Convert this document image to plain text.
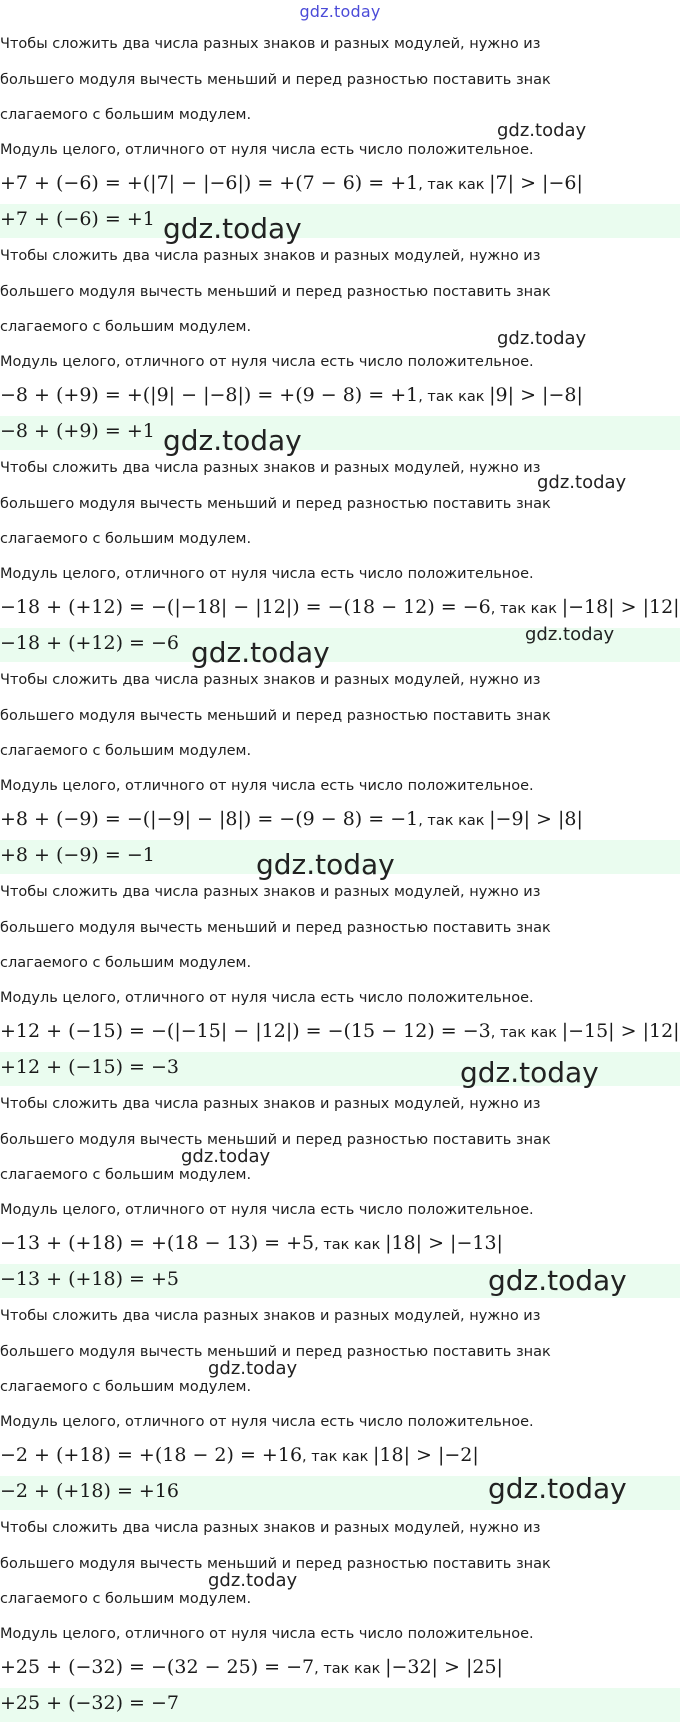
gdz.today
Чтобы сложить два числа разных знаков и разных модулей, нужно из
большего модуля вычесть меньший и перед разностью поставить знак
слагаемого с большим модулем.
Модуль целого, отличного от нуля числа есть число положительное.
+7 + (−6) = +(|7| − |−6|) = +(7 − 6) = +1, так как |7| > |−6|
+7 + (−6) = +1
gdz.today
gdz.today
Чтобы сложить два числа разных знаков и разных модулей, нужно из
большего модуля вычесть меньший и перед разностью поставить знак
слагаемого с большим модулем.
Модуль целого, отличного от нуля числа есть число положительное.
−8 + (+9) = +(|9| − |−8|) = +(9 − 8) = +1, так как |9| > |−8|
−8 + (+9) = +1
gdz.today
gdz.today
Чтобы сложить два числа разных знаков и разных модулей, нужно из
большего модуля вычесть меньший и перед разностью поставить знак
слагаемого с большим модулем.
Модуль целого, отличного от нуля числа есть число положительное.
−18 + (+12) = −(|−18| − |12|) = −(18 − 12) = −6, так как |−18| > |12|
−18 + (+12) = −6
gdz.today
gdz.today
gdz.today
Чтобы сложить два числа разных знаков и разных модулей, нужно из
большего модуля вычесть меньший и перед разностью поставить знак
слагаемого с большим модулем.
Модуль целого, отличного от нуля числа есть число положительное.
+8 + (−9) = −(|−9| − |8|) = −(9 − 8) = −1, так как |−9| > |8|
+8 + (−9) = −1	gdz.today
Чтобы сложить два числа разных знаков и разных модулей, нужно из
большего модуля вычесть меньший и перед разностью поставить знак
слагаемого с большим модулем.
Модуль целого, отличного от нуля числа есть число положительное.
+12 + (−15) = −(|−15| − |12|) = −(15 − 12) = −3, так как |−15| > |12|
+12 + (−15) = −3	gdz.today
Чтобы сложить два числа разных знаков и разных модулей, нужно из
большего модуля вычесть меньший и перед разностью поставить знак
слагаемого с большим модулем.
Модуль целого, отличного от нуля числа есть число положительное.
−13 + (+18) = +(18 − 13) = +5, так как |18| > |−13|
−13 + (+18) = +5
gdz.today
gdz.today
Чтобы сложить два числа разных знаков и разных модулей, нужно из
большего модуля вычесть меньший и перед разностью поставить знак
слагаемого с большим модулем.
Модуль целого, отличного от нуля числа есть число положительное.
−2 + (+18) = +(18 − 2) = +16, так как |18| > |−2|
−2 + (+18) = +16
gdz.today
gdz.today
Чтобы сложить два числа разных знаков и разных модулей, нужно из
большего модуля вычесть меньший и перед разностью поставить знак
слагаемого с большим модулем.
Модуль целого, отличного от нуля числа есть число положительное.
+25 + (−32) = −(32 − 25) = −7, так как |−32| > |25|
+25 + (−32) = −7
gdz.today
